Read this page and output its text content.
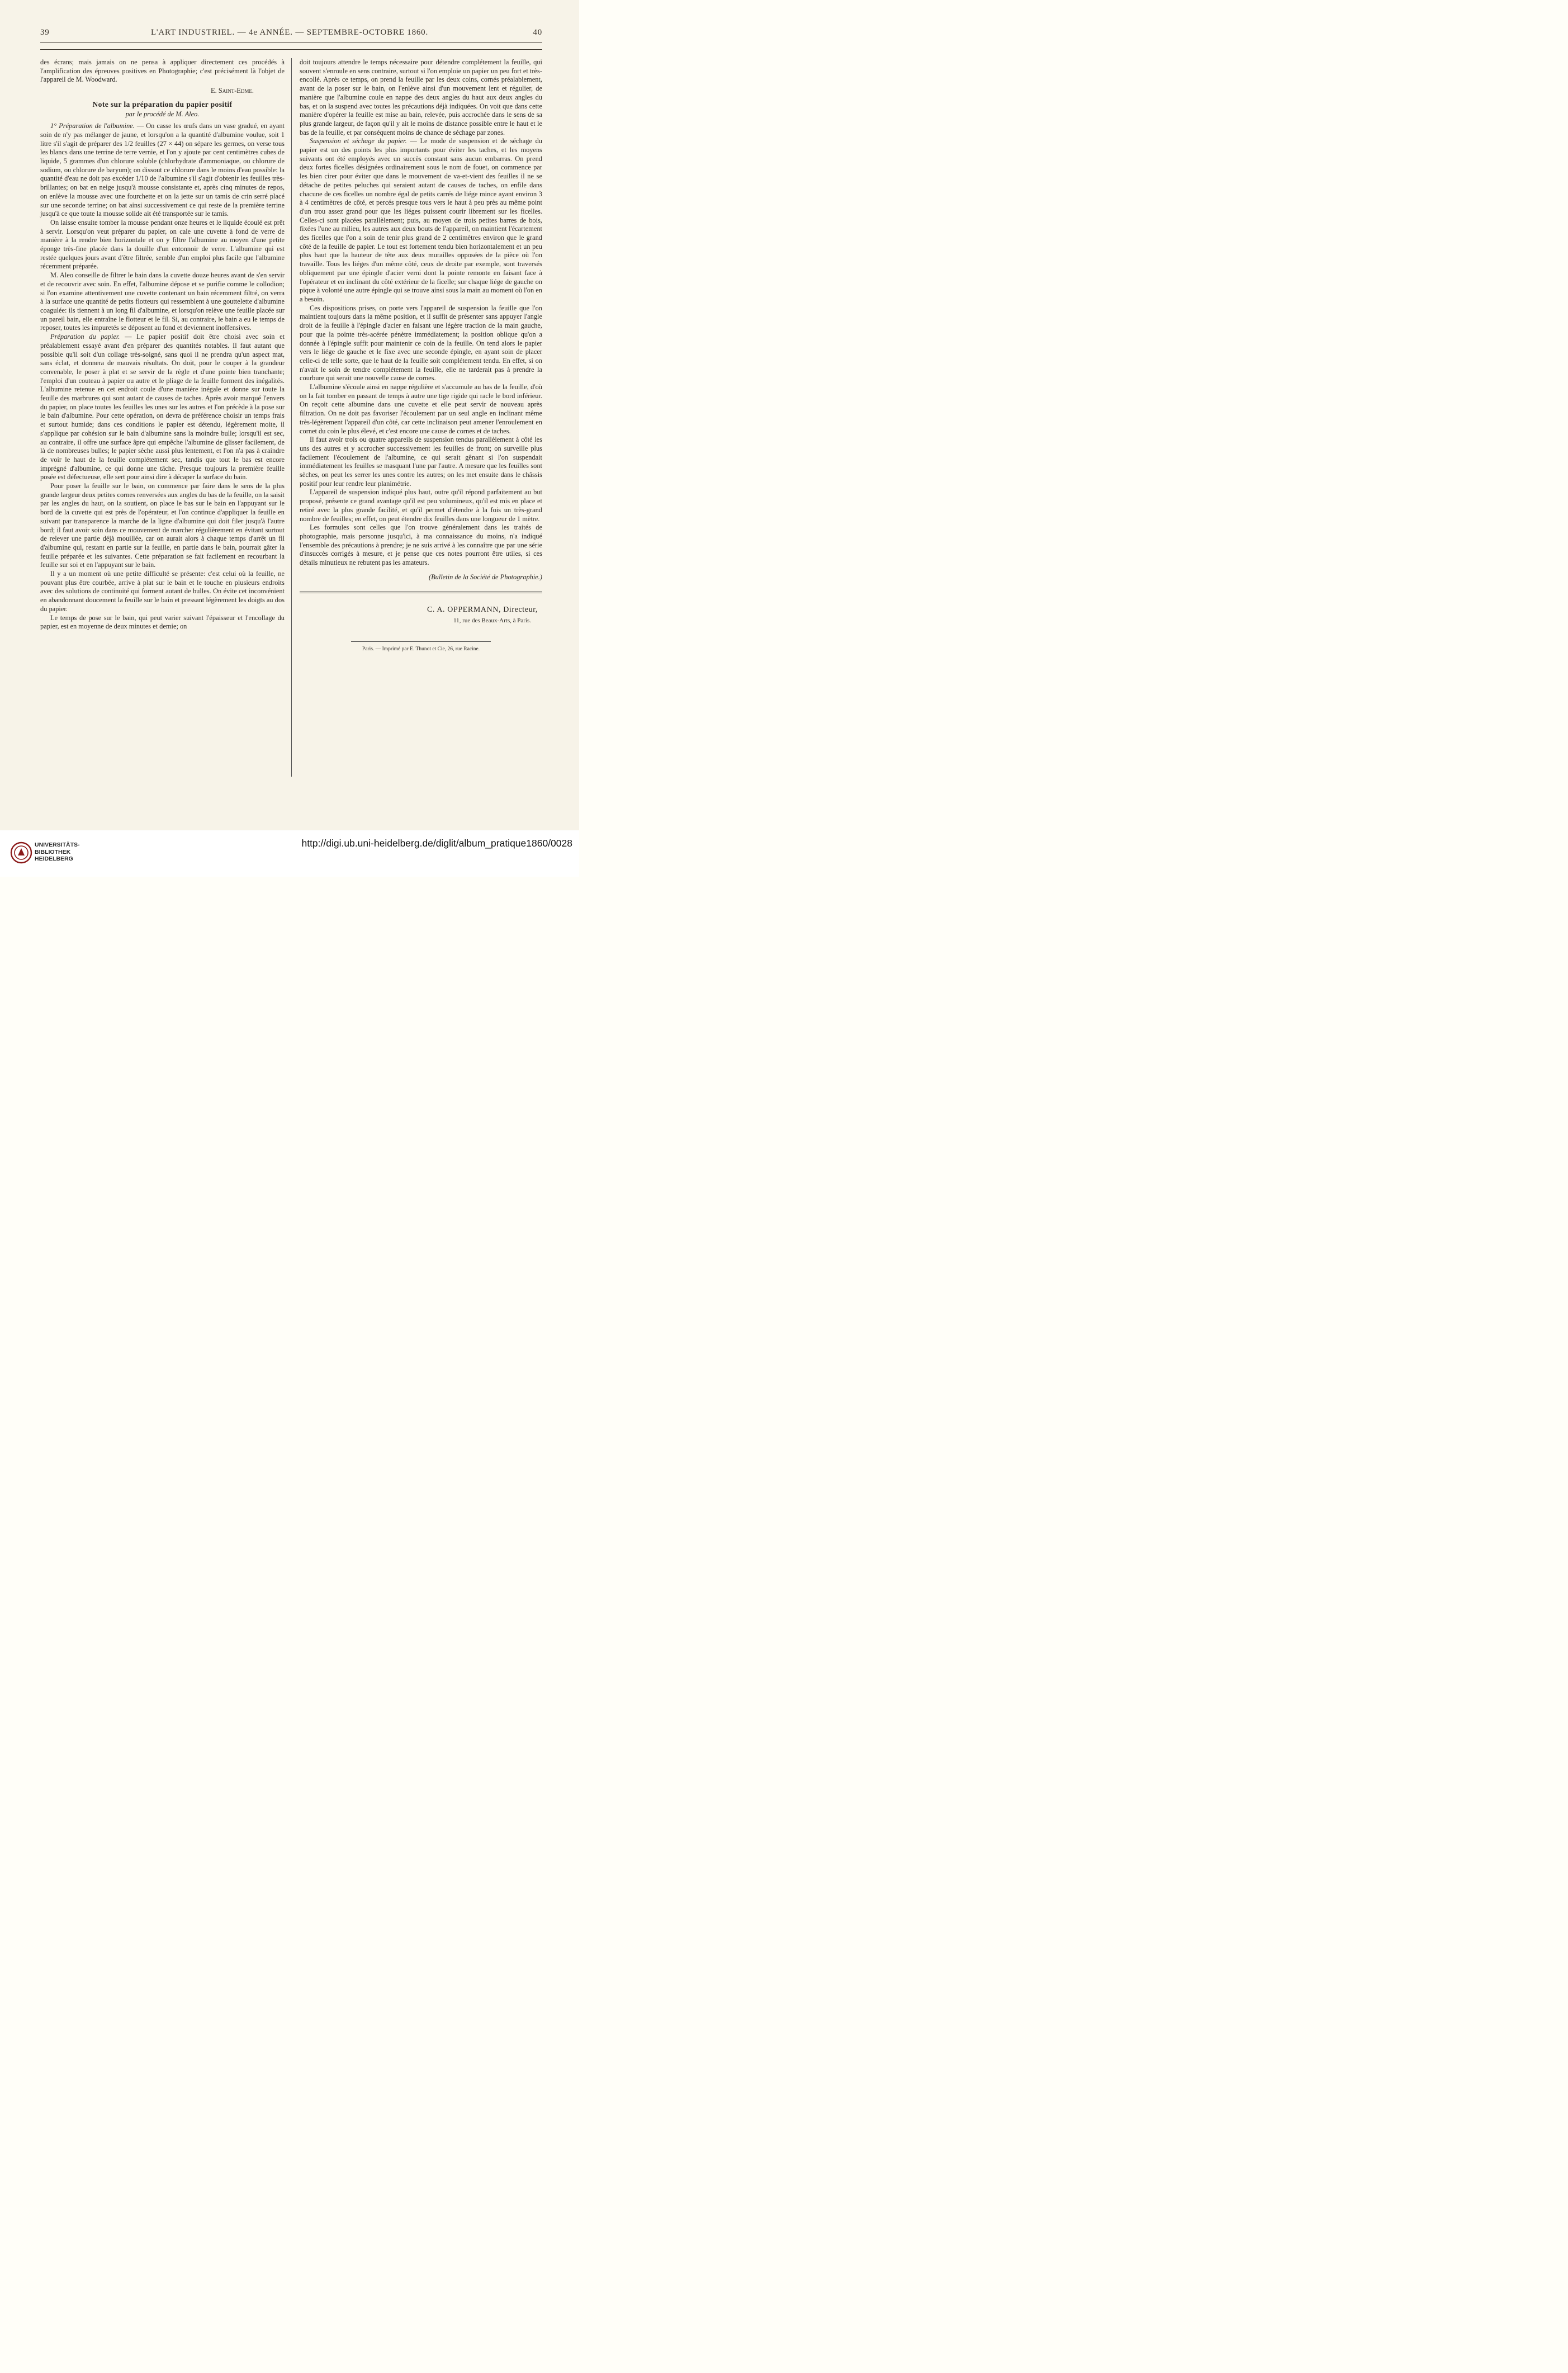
39	L'ART INDUSTRIEL. — 4e ANNÉE. — SEPTEMBRE-OCTOBRE 1860.	40

des écrans; mais jamais on ne pensa à appliquer directement ces procédés à l'amplification des épreuves positives en Photographie; c'est précisément là l'objet de l'appareil de M. Woodward.

E. Saint-Edme.
Note sur la préparation du papier positif
par le procédé de M. Aleo.

1° Préparation de l'albumine. — On casse les œufs dans un vase gradué, en ayant soin de n'y pas mélanger de jaune, et lorsqu'on a la quantité d'albumine voulue, soit 1 litre s'il s'agit de préparer des 1/2 feuilles (27 × 44) on sépare les germes, on verse tous les blancs dans une terrine de terre vernie, et l'on y ajoute par cent centimètres cubes de liquide, 5 grammes d'un chlorure soluble (chlorhydrate d'ammoniaque, ou chlorure de sodium, ou chlorure de baryum); on dissout ce chlorure dans le moins d'eau possible: la quantité d'eau ne doit pas excéder 1/10 de l'albumine s'il s'agit d'obtenir les feuilles très-brillantes; on bat en neige jusqu'à mousse consistante et, après cinq minutes de repos, on enlève la mousse avec une fourchette et on la jette sur un tamis de crin serré placé sur une seconde terrine; on bat ainsi successivement ce qui reste de la première terrine jusqu'à ce que toute la mousse solide ait été transportée sur le tamis.

On laisse ensuite tomber la mousse pendant onze heures et le liquide écoulé est prêt à servir. Lorsqu'on veut préparer du papier, on cale une cuvette à fond de verre de manière à la rendre bien horizontale et on y filtre l'albumine au moyen d'une petite éponge très-fine placée dans la douille d'un entonnoir de verre. L'albumine qui est restée quelques jours avant d'être filtrée, semble d'un emploi plus facile que l'albumine récemment préparée.

M. Aleo conseille de filtrer le bain dans la cuvette douze heures avant de s'en servir et de recouvrir avec soin. En effet, l'albumine dépose et se purifie comme le collodion; si l'on examine attentivement une cuvette contenant un bain récemment filtré, on verra à la surface une quantité de petits flotteurs qui ressemblent à une gouttelette d'albumine coagulée: ils tiennent à un long fil d'albumine, et lorsqu'on relève une feuille placée sur un pareil bain, elle entraîne le flotteur et le fil. Si, au contraire, le bain a eu le temps de reposer, toutes les impuretés se déposent au fond et deviennent inoffensives.

Préparation du papier. — Le papier positif doit être choisi avec soin et préalablement essayé avant d'en préparer des quantités notables. Il faut autant que possible qu'il soit d'un collage très-soigné, sans quoi il ne prendra qu'un aspect mat, sans éclat, et donnera de mauvais résultats. On doit, pour le couper à la grandeur convenable, le poser à plat et se servir de la règle et d'une pointe bien tranchante; l'emploi d'un couteau à papier ou autre et le pliage de la feuille forment des inégalités. L'albumine retenue en cet endroit coule d'une manière inégale et donne sur toute la feuille des marbrures qui sont autant de causes de taches. Après avoir marqué l'envers du papier, on place toutes les feuilles les unes sur les autres et l'on précède à la pose sur le bain d'albumine. Pour cette opération, on devra de préférence choisir un temps frais et surtout humide; dans ces conditions le papier est détendu, légèrement moite, il s'applique par cohésion sur le bain d'albumine sans la moindre bulle; lorsqu'il est sec, au contraire, il offre une surface âpre qui empêche l'albumine de glisser facilement, de là de nombreuses bulles; le papier sèche aussi plus lentement, et l'on n'a pas à craindre de voir le haut de la feuille complétement sec, tandis que tout le bas est encore imprégné d'albumine, ce qui donne une tâche. Presque toujours la première feuille posée est défectueuse, elle sert pour ainsi dire à décaper la surface du bain.

Pour poser la feuille sur le bain, on commence par faire dans le sens de la plus grande largeur deux petites cornes renversées aux angles du bas de la feuille, on la saisit par les angles du haut, on la soutient, on place le bas sur le bain en l'appuyant sur le bord de la cuvette qui est près de l'opérateur, et l'on continue d'appliquer la feuille en suivant par transparence la marche de la ligne d'albumine qui doit filer jusqu'à l'autre bord; il faut avoir soin dans ce mouvement de marcher régulièrement en évitant surtout de relever une partie déjà mouillée, car on aurait alors à chaque temps d'arrêt un fil d'albumine qui, restant en partie sur la feuille, en partie dans le bain, pourrait gâter la feuille préparée et les suivantes. Cette préparation se fait facilement en recourbant la feuille sur soi et en l'appuyant sur le bain.

Il y a un moment où une petite difficulté se présente: c'est celui où la feuille, ne pouvant plus être courbée, arrive à plat sur le bain et le touche en plusieurs endroits avec des solutions de continuité qui forment autant de bulles. On évite cet inconvénient en abandonnant doucement la feuille sur le bain et pressant légèrement les doigts au dos du papier.

Le temps de pose sur le bain, qui peut varier suivant l'épaisseur et l'encollage du papier, est en moyenne de deux minutes et demie; on

doit toujours attendre le temps nécessaire pour détendre complétement la feuille, qui souvent s'enroule en sens contraire, surtout si l'on emploie un papier un peu fort et très-encollé. Après ce temps, on prend la feuille par les deux coins, cornés préalablement, avant de la poser sur le bain, on l'enlève ainsi d'un mouvement lent et régulier, de manière que l'albumine coule en nappe des deux angles du haut aux deux angles du bas, et on la suspend avec toutes les précautions déjà indiquées. On voit que dans cette manière d'opérer la feuille est mise au bain, relevée, puis accrochée dans le sens de sa plus grande largeur, de façon qu'il y ait le moins de distance possible entre le haut et le bas de la feuille, et par conséquent moins de chance de séchage par zones.

Suspension et séchage du papier. — Le mode de suspension et de séchage du papier est un des points les plus importants pour éviter les taches, et les moyens suivants ont été employés avec un succès constant sans aucun embarras. On prend deux fortes ficelles désignées ordinairement sous le nom de fouet, on commence par les bien cirer pour éviter que dans le mouvement de va-et-vient des feuilles il ne se détache de petites peluches qui seraient autant de causes de taches, on enfile dans chacune de ces ficelles un nombre égal de petits carrés de liége mince ayant environ 3 à 4 centimètres de côté, et percés presque tous vers le haut à peu près au même point d'un trou assez grand pour que les liéges puissent courir librement sur les ficelles. Celles-ci sont placées parallèlement; puis, au moyen de trois petites barres de bois, fixées l'une au milieu, les autres aux deux bouts de l'appareil, on maintient l'écartement des ficelles que l'on a soin de tenir plus grand de 2 centimètres environ que le grand côté de la feuille de papier. Le tout est fortement tendu bien horizontalement et un peu plus haut que la hauteur de tête aux deux murailles opposées de la pièce où l'on travaille. Tous les liéges d'un même côté, ceux de droite par exemple, sont traversés obliquement par une épingle d'acier verni dont la pointe remonte en faisant face à l'opérateur et en inclinant du côté extérieur de la ficelle; sur chaque liége de gauche on pique à volonté une autre épingle qui se trouve ainsi sous la main au moment où l'on en a besoin.

Ces dispositions prises, on porte vers l'appareil de suspension la feuille que l'on maintient toujours dans la même position, et il suffit de présenter sans appuyer l'angle droit de la feuille à l'épingle d'acier en faisant une légère traction de la main gauche, pour que la pointe très-acérée pénètre immédiatement; la position oblique qu'on a donnée à l'épingle suffit pour maintenir ce coin de la feuille. On tend alors le papier vers le liége de gauche et le fixe avec une seconde épingle, en ayant soin de placer celle-ci de telle sorte, que le haut de la feuille soit complétement tendu. En effet, si on n'avait le soin de tendre complétement la feuille, elle ne tarderait pas à prendre la courbure qui serait une nouvelle cause de cornes.

L'albumine s'écoule ainsi en nappe régulière et s'accumule au bas de la feuille, d'où on la fait tomber en passant de temps à autre une tige rigide qui racle le bord inférieur. On reçoit cette albumine dans une cuvette et elle peut servir de nouveau après filtration. On ne doit pas favoriser l'écoulement par un seul angle en inclinant même très-légèrement l'appareil d'un côté, car cette inclinaison peut amener l'enroulement en cornet du coin le plus élevé, et c'est encore une cause de cornes et de taches.

Il faut avoir trois ou quatre appareils de suspension tendus parallèlement à côté les uns des autres et y accrocher successivement les feuilles de front; on surveille plus facilement l'écoulement de l'albumine, ce qui serait gênant si l'on suspendait immédiatement les feuilles se masquant l'une par l'autre. A mesure que les feuilles sont sèches, on peut les serrer les unes contre les autres; on les met ensuite dans le châssis positif pour leur rendre leur planimétrie.

L'appareil de suspension indiqué plus haut, outre qu'il répond parfaitement au but proposé, présente ce grand avantage qu'il est peu volumineux, qu'il est mis en place et retiré avec la plus grande facilité, et qu'il permet d'étendre à la fois un très-grand nombre de feuilles; en effet, on peut étendre dix feuilles dans une longueur de 1 mètre.

Les formules sont celles que l'on trouve généralement dans les traités de photographie, mais personne jusqu'ici, à ma connaissance du moins, n'a indiqué l'ensemble des précautions à prendre; je ne suis arrivé à les connaître que par une série d'insuccès corrigés à mesure, et je pense que ces notes pourront être utiles, si ces détails minutieux ne rebutent pas les amateurs.

(Bulletin de la Société de Photographie.)
C. A. OPPERMANN, Directeur,
11, rue des Beaux-Arts, à Paris.
Paris. — Imprimé par E. Thunot et Cie, 26, rue Racine.
UNIVERSITÄTS-
BIBLIOTHEK
HEIDELBERG
http://digi.ub.uni-heidelberg.de/diglit/album_pratique1860/0028
